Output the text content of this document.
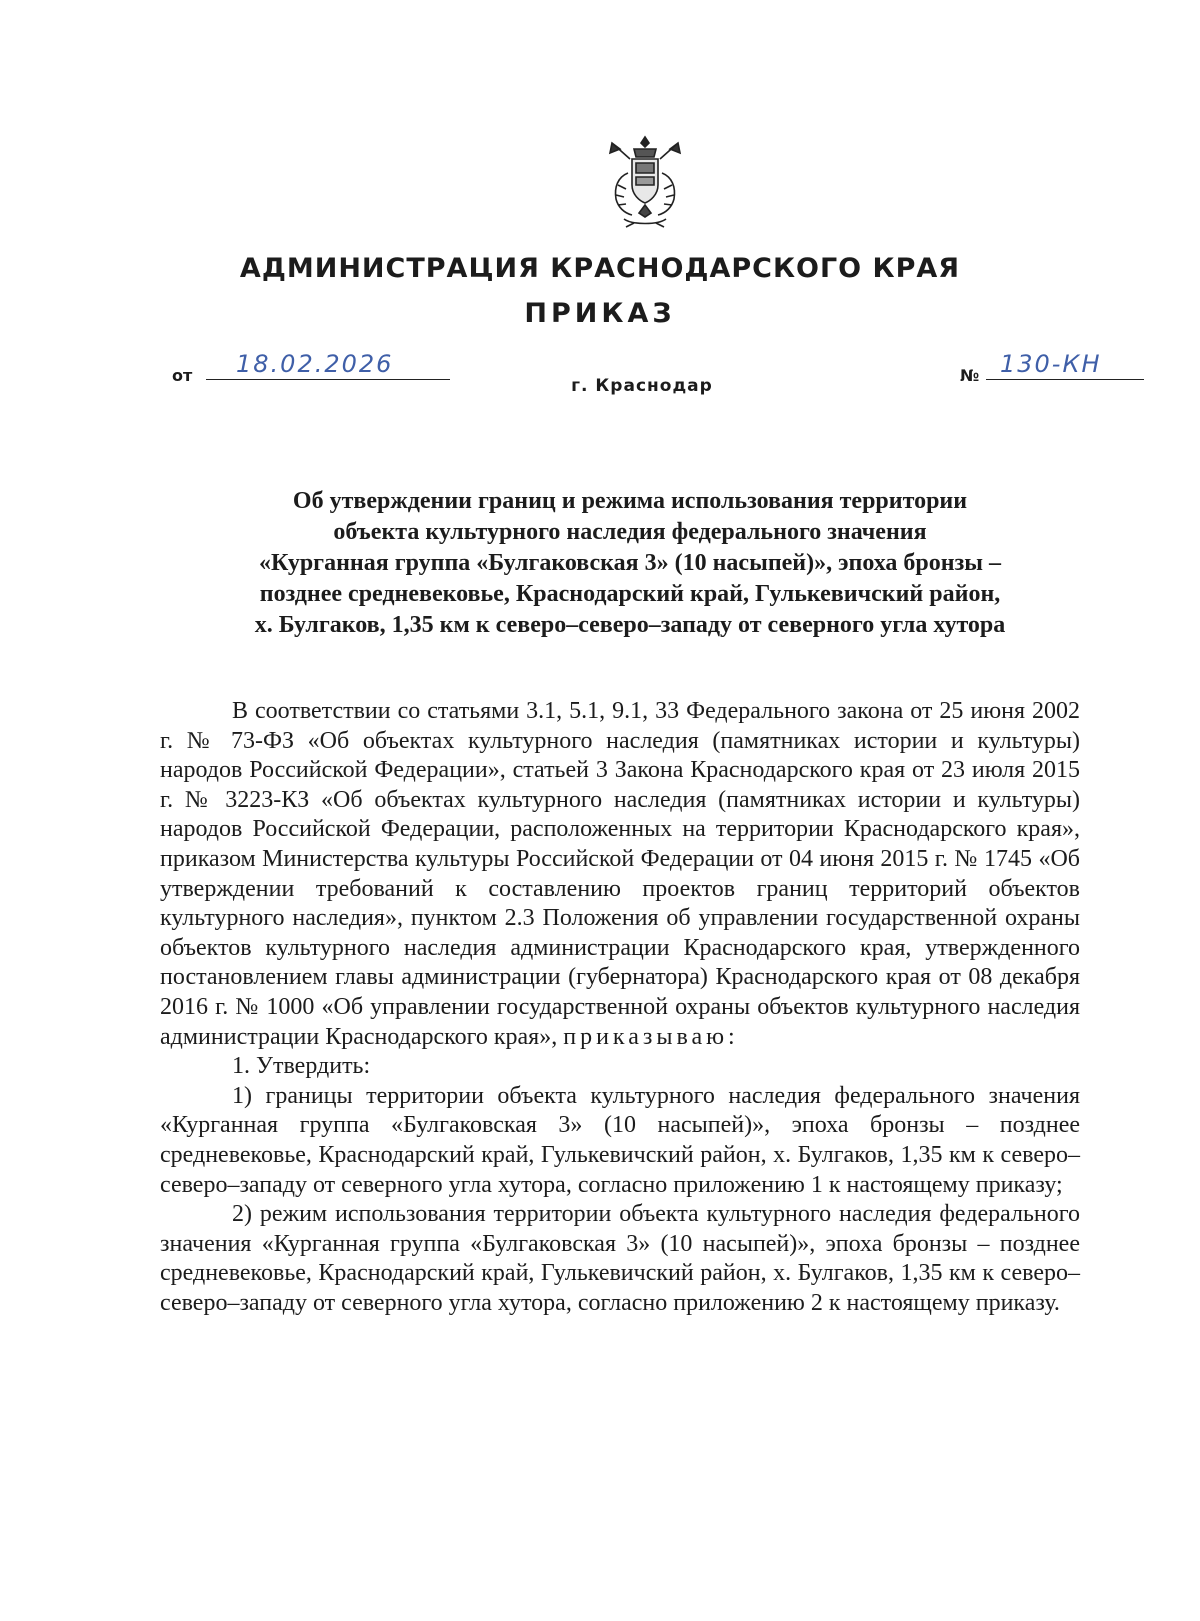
АДМИНИСТРАЦИЯ КРАСНОДАРСКОГО КРАЯ
ПРИКАЗ
от	18.02.2026	№ 130-КН
г. Краснодар
Об утверждении границ и режима использования территории
объекта культурного наследия федерального значения
«Курганная группа «Булгаковская 3» (10 насыпей)», эпоха бронзы –
позднее средневековье, Краснодарский край, Гулькевичский район,
х. Булгаков, 1,35 км к северо–северо–западу от северного угла хутора

В соответствии со статьями 3.1, 5.1, 9.1, 33 Федерального закона от 25 июня 2002 г. № 73-ФЗ «Об объектах культурного наследия (памятниках истории и культуры) народов Российской Федерации», статьей 3 Закона Краснодарского края от 23 июля 2015 г. № 3223-КЗ «Об объектах культурного наследия (памятниках истории и культуры) народов Российской Федерации, расположенных на территории Краснодарского края», приказом Министерства культуры Российской Федерации от 04 июня 2015 г. № 1745 «Об утверждении требований к составлению проектов границ территорий объектов культурного наследия», пунктом 2.3 Положения об управлении государственной охраны объектов культурного наследия администрации Краснодарского края, утвержденного постановлением главы администрации (губернатора) Краснодарского края от 08 декабря 2016 г. № 1000 «Об управлении государственной охраны объектов культурного наследия администрации Краснодарского края», приказываю:

1. Утвердить:

1) границы территории объекта культурного наследия федерального значения «Курганная группа «Булгаковская 3» (10 насыпей)», эпоха бронзы – позднее средневековье, Краснодарский край, Гулькевичский район, х. Булгаков, 1,35 км к северо–северо–западу от северного угла хутора, согласно приложению 1 к настоящему приказу;

2) режим использования территории объекта культурного наследия федерального значения «Курганная группа «Булгаковская 3» (10 насыпей)», эпоха бронзы – позднее средневековье, Краснодарский край, Гулькевичский район, х. Булгаков, 1,35 км к северо–северо–западу от северного угла хутора, согласно приложению 2 к настоящему приказу.
